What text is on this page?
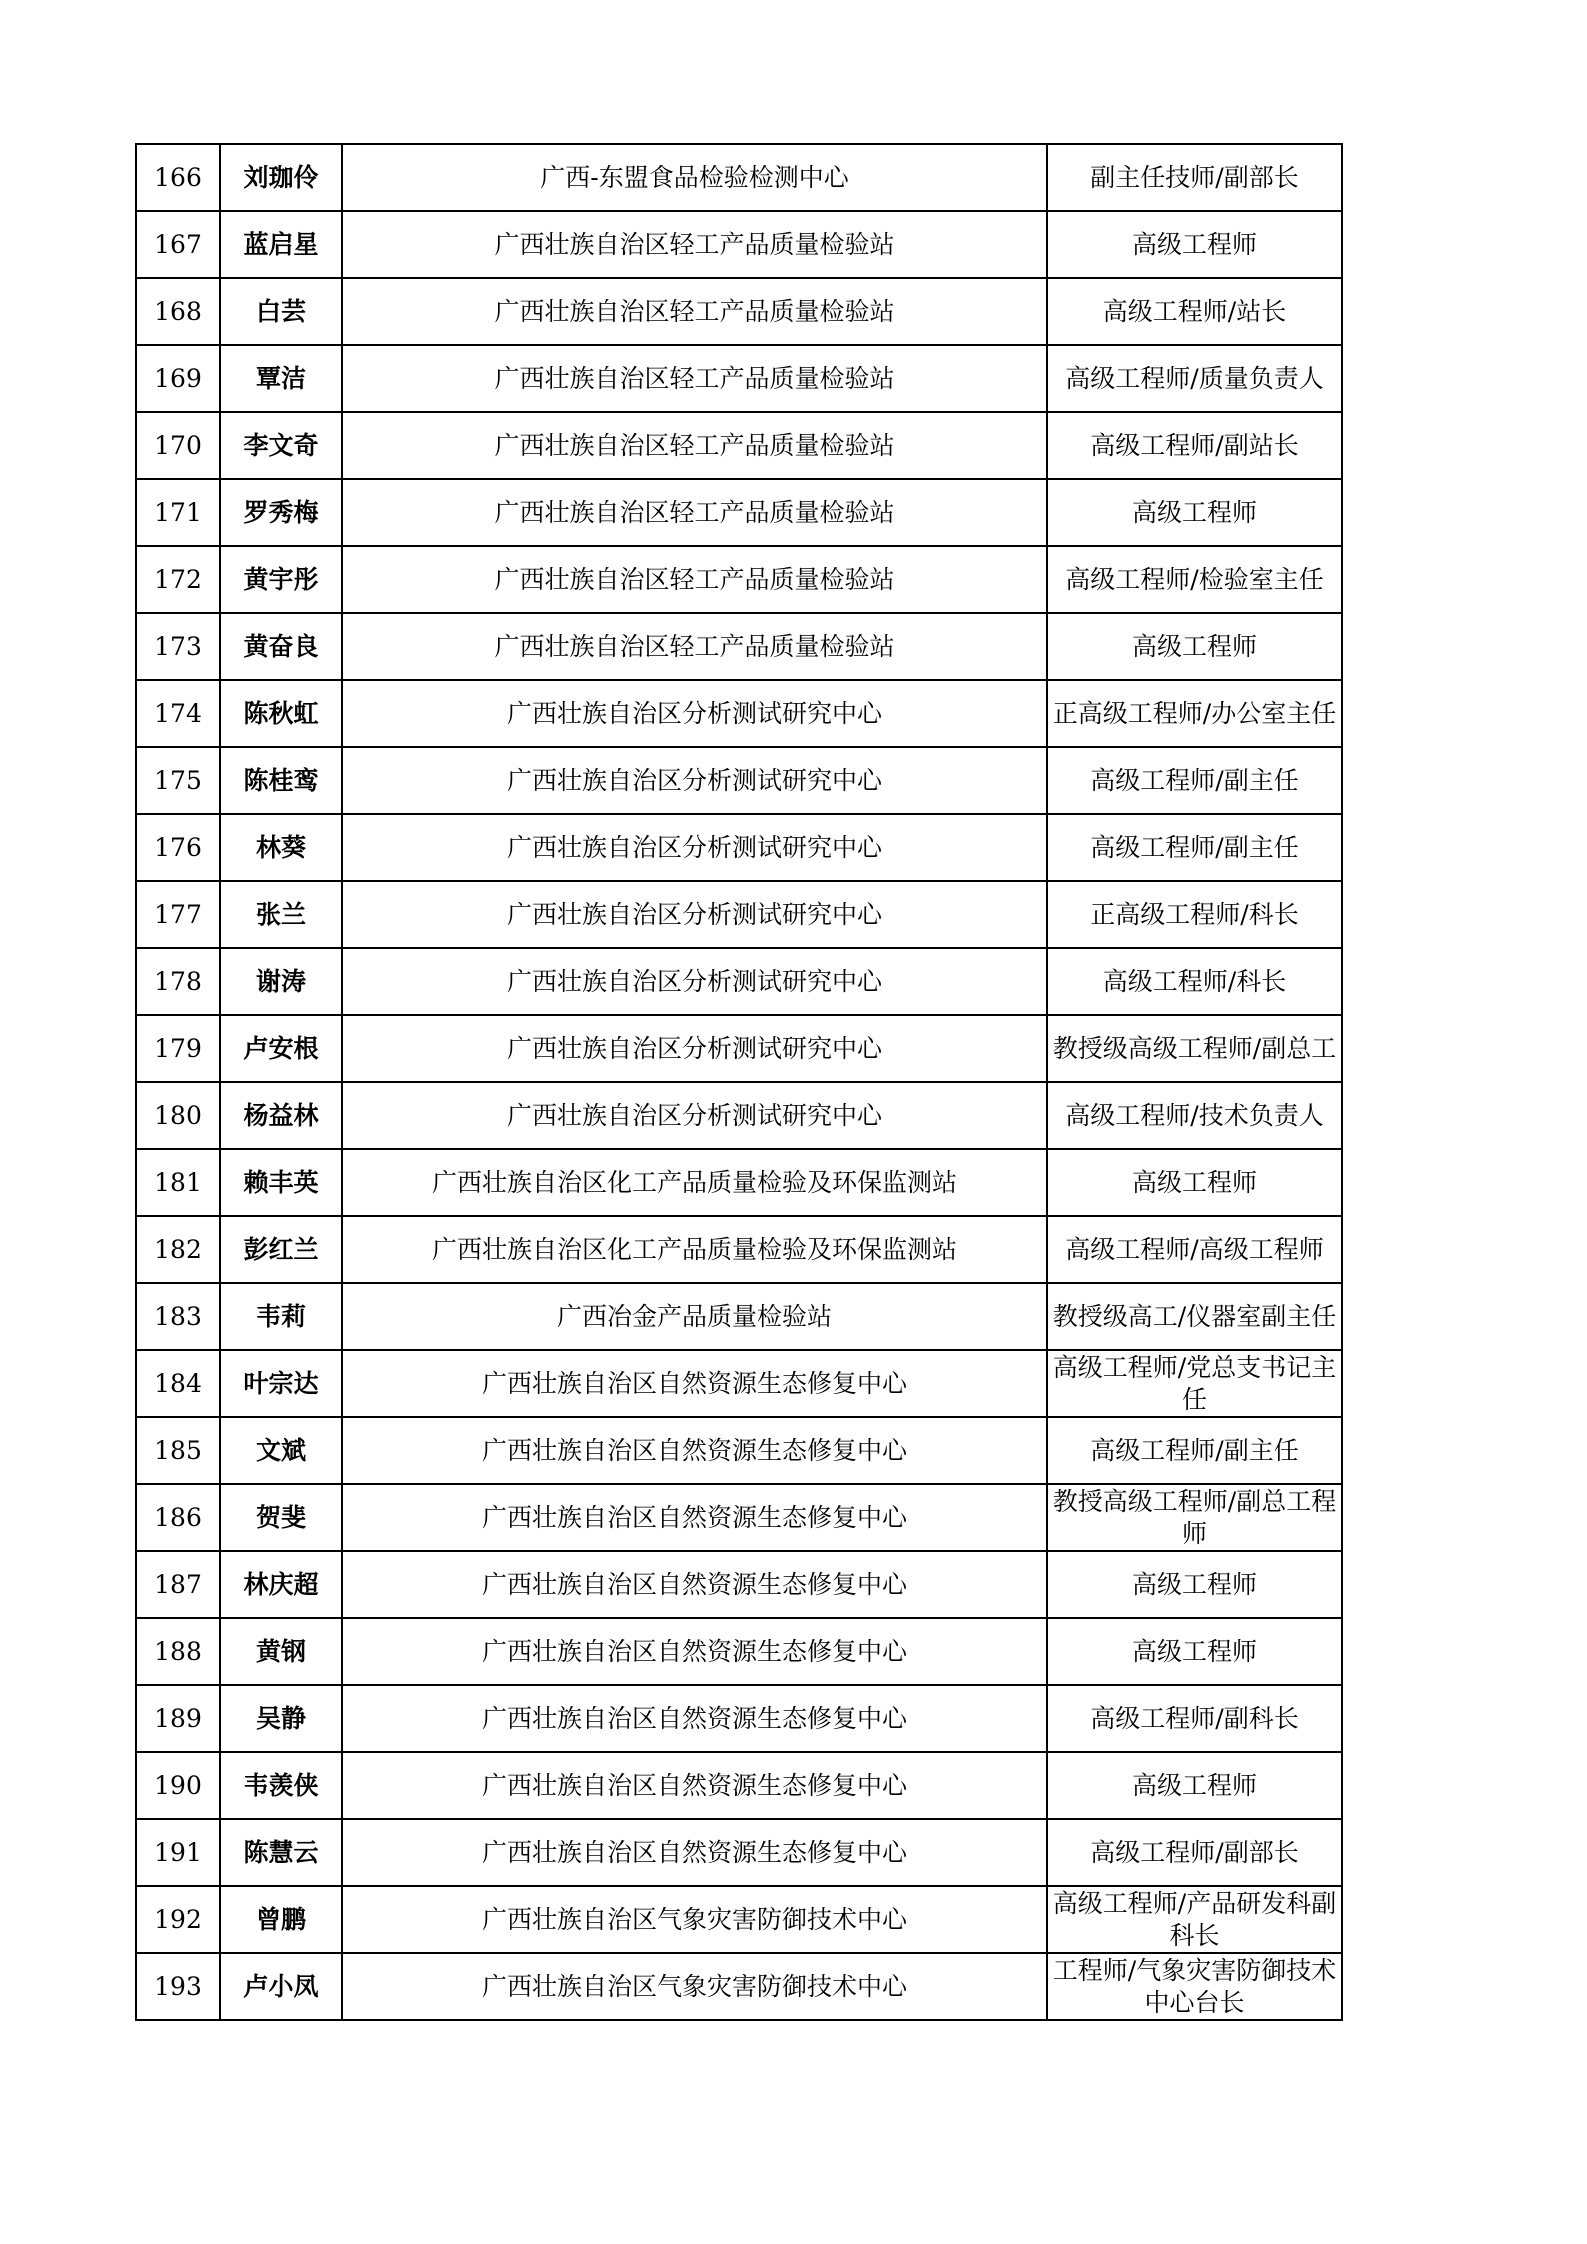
166	刘珈伶	广西-东盟食品检验检测中心	副主任技师/副部长
167	蓝启星	广西壮族自治区轻工产品质量检验站	高级工程师
168	白芸	广西壮族自治区轻工产品质量检验站	高级工程师/站长
169	覃洁	广西壮族自治区轻工产品质量检验站	高级工程师/质量负责人
170	李文奇	广西壮族自治区轻工产品质量检验站	高级工程师/副站长
171	罗秀梅	广西壮族自治区轻工产品质量检验站	高级工程师
172	黄宇彤	广西壮族自治区轻工产品质量检验站	高级工程师/检验室主任
173	黄奋良	广西壮族自治区轻工产品质量检验站	高级工程师
174	陈秋虹	广西壮族自治区分析测试研究中心	正高级工程师/办公室主任
175	陈桂鸾	广西壮族自治区分析测试研究中心	高级工程师/副主任
176	林葵	广西壮族自治区分析测试研究中心	高级工程师/副主任
177	张兰	广西壮族自治区分析测试研究中心	正高级工程师/科长
178	谢涛	广西壮族自治区分析测试研究中心	高级工程师/科长
179	卢安根	广西壮族自治区分析测试研究中心	教授级高级工程师/副总工
180	杨益林	广西壮族自治区分析测试研究中心	高级工程师/技术负责人
181	赖丰英	广西壮族自治区化工产品质量检验及环保监测站	高级工程师
182	彭红兰	广西壮族自治区化工产品质量检验及环保监测站	高级工程师/高级工程师
183	韦莉	广西冶金产品质量检验站	教授级高工/仪器室副主任
184	叶宗达	广西壮族自治区自然资源生态修复中心	高级工程师/党总支书记主任
185	文斌	广西壮族自治区自然资源生态修复中心	高级工程师/副主任
186	贺斐	广西壮族自治区自然资源生态修复中心	教授高级工程师/副总工程师
187	林庆超	广西壮族自治区自然资源生态修复中心	高级工程师
188	黄钢	广西壮族自治区自然资源生态修复中心	高级工程师
189	吴静	广西壮族自治区自然资源生态修复中心	高级工程师/副科长
190	韦羡侠	广西壮族自治区自然资源生态修复中心	高级工程师
191	陈慧云	广西壮族自治区自然资源生态修复中心	高级工程师/副部长
192	曾鹏	广西壮族自治区气象灾害防御技术中心	高级工程师/产品研发科副科长
193	卢小凤	广西壮族自治区气象灾害防御技术中心	工程师/气象灾害防御技术中心台长
